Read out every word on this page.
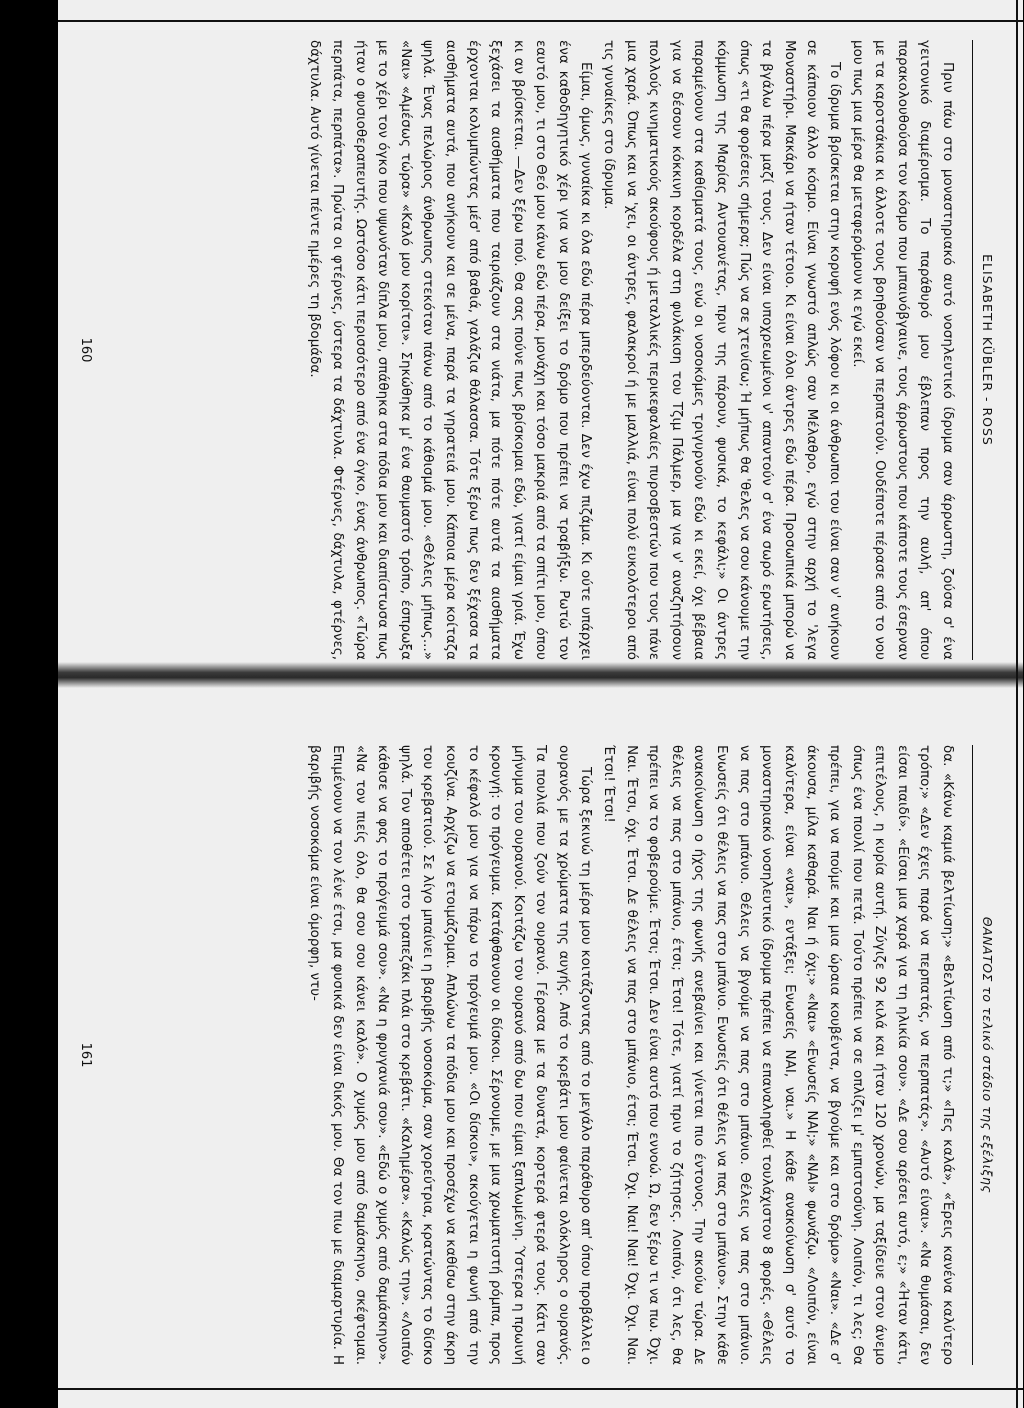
ELISABETH KÜBLER - ROSS

Πριν πάω στο μοναστηριακό αυτό νοσηλευτικό ίδρυμα σαν άρρωστη, ζούσα σ' ένα γειτονικό διαμέρισμα. Το παράθυρό μου έβλεπαν προς την αυλή, απ' όπου παρακολουθούσα τον κόσμο που μπαινόβγαινε, τους άρρωστους που κάποτε τους έσερναν με τα καροτσάκια κι άλλοτε τους βοηθούσαν να περπατούν. Ουδέποτε πέρασε από το νου μου πως μια μέρα θα μεταφερόμουν κι εγώ εκεί.

Το ίδρυμα βρίσκεται στην κορυφή ενός λόφου κι οι άνθρωποι του είναι σαν ν' ανήκουν σε κάποιον άλλο κόσμο. Είναι γνωστό απλώς σαν Μέλαθρο, εγώ στην αρχή το 'λεγα Μοναστήρι. Μακάρι να ήταν τέτοιο. Κι είναι όλοι άντρες εδώ πέρα. Προσωπικά μπορώ να τα βγάλω πέρα μαζί τους. Δεν είναι υποχρεωμένοι ν' απαντούν σ' ένα σωρό ερωτήσεις, όπως «τι θα φορέσεις σήμερα; Πώς να σε χτενίσω; Ή μήπως θα 'θελες να σου κάνουμε την κόμμωση της Μαρίας Αντουανέτας, πριν της πάρουν, φυσικά, το κεφάλι;» Οι άντρες παραμένουν στα καθίσματά τους, ενώ οι νοσοκόμες τριγυρνούν εδώ κι εκεί, όχι βέβαια για να δέσουν κόκκινη κορδέλα στη φυλάκιση του Τζιμ Πάλμερ, μα για ν' αναζητήσουν πολλούς κινηματικούς ακούφους ή μεταλλικές περικεφαλαίες πυροσβεστών που τους πάνε μια χαρά. Όπως και να 'χει, οι άντρες, φαλακροί ή με μαλλιά, είναι πολύ ευκολότεροι από τις γυναίκες στο ίδρυμα.

Είμαι, όμως, γυναίκα κι όλα εδώ πέρα μπερδεύονται. Δεν έχω πιζάμα. Κι ούτε υπάρχει ένα καθοδηγητικό χέρι για να μου δείξει το δρόμο που πρέπει να τραβήξω. Ρωτώ τον εαυτό μου, τι στο Θεό μου κάνω εδώ πέρα, μονάχη και τόσο μακριά από τα σπίτι μου, όπου κι αν βρίσκεται. —Δεν ξέρω πού. Θα σας πούνε πως βρίσκομαι εδώ, γιατί είμαι γριά. Έχω ξεχάσει τα αισθήματα που ταιριάζουν στα νιάτα, μα πότε πότε αυτά τα αισθήματα έρχονται κολυμπώντας μέσ' από βαθιά, γαλάζια θάλασσα. Τότε ξέρω πως δεν ξέχασα τα αισθήματα αυτά, που ανήκουν και σε μένα, παρά τα γηρατειά μου. Κάποια μέρα κοίταζα ψηλά. Ένας πελώριος άνθρωπος στεκόταν πάνω από το κάθισμά μου. «Θέλεις μήπως...» «Ναι» «Αμέσως τώρα» «Καλό μου κορίτσι». Σηκώθηκα μ' ένα θαυμαστό τρόπο, έσπρωξα με το χέρι τον όγκο που υψωνόταν δίπλα μου, σπάθηκα στα πόδια μου και διαπίστωσα πως ήταν ο φυσιοθεραπευτής. Ωστόσο κάτι περισσότερο από ένα όγκο, ένας άνθρωπος. «Τώρα περπάτα, περπάτα». Πρώτα οι φτέρνες, ύστερα τα δάχτυλα. Φτέρνες, δάχτυλα, φτέρνες, δάχτυλα. Αυτό γίνεται πέντε ημέρες τη βδομάδα.

160
ΘΑΝΑΤΟΣ το τελικό στάδιο της εξέλιξης

δα. «Κάνω καμιά βελτίωση;» «Βελτίωση από τι;» «Πες καλά», «Έρεις κανένα καλύτερο τρόπο;» «Δεν έχεις παρά να περπατάς, να περπατάς». «Αυτό είναι». «Να θυμάσαι, δεν είσαι παιδί». «Είσαι μια χαρά για τη ηλικία σου». «Δε σου αρέσει αυτό, ε;» «Ήταν κάτι, επιτέλους, η κυρία αυτή. Ζύγιζε 92 κιλά και ήταν 120 χρονών, μα ταξίδευε στον άνεμο όπως ένα πουλί που πετά. Τούτο πρέπει να σε οπλίζει μ' εμπιστοσύνη. Λοιπόν, τι λες; Θα πρέπει, για να πούμε και μια ώραια κουβέντα, να βγούμε και στο δρόμο» «Ναι». «Δε σ' άκουσα, μίλα καθαρά. Ναι ή όχι;» «Ναι» «Ενωσείς ΝΑΙ;» «ΝΑΙ» φωνάζω. «Λοιπόν, είναι καλύτερα, είναι «ναι», εντάξει; Ενωσείς ΝΑΙ, ναι.» Η κάθε ανακοίνωση σ' αυτό το μοναστηριακό νοσηλευτικό ίδρυμα πρέπει να επαναληφθεί τουλάχιστον 8 φορές. «Θέλεις να πας στο μπάνιο. Θέλεις να βγούμε να πας στο μπάνιο. Θέλεις να πας στο μπάνιο. Ενωσείς ότι θέλεις να πας στο μπάνιο. Ενωσείς ότι θέλεις να πας στο μπάνιο». Στην κάθε ανακοίνωση ο ήχος της φωνής ανεβαίνει και γίνεται πιο έντονος. Την ακούω τώρα. Δε θέλεις να πας στο μπάνιο, έτσι; Έτσι! Τότε, γιατί πριν το ζήτησες. Λοιπόν, ότι λες, θα πρέπει να το φοβερούμε. Έτσι; Έτσι. Δεν είναι αυτό που εννοώ. Ώ, δεν ξέρω τι να πω. Όχι. Ναι. Έτσι, όχι. Έτσι. Δε θέλεις να πας στο μπάνιο, έτσι; Έτσι. Όχι. Ναι! Ναι! Όχι. Όχι. Ναι. Έτσι! Έτσι!

Τώρα ξεκινώ τη μέρα μου κοιτάζοντας από το μεγάλο παράθυρο απ' όπου προβάλλει ο ουρανός με τα χρώματα της αυγής. Από το κρεβάτι μου φαίνεται ολόκληρος ο ουρανός. Τα πουλιά που ζούν τον ουρανό. Γέρασα με τα δυνατά, κορτερά φτερά τους. Κάτι σαν μήνυμα του ουρανού. Κοιτάζω τον ουρανό από δω που είμαι ξαπλωμένη. Ύστερα η πρωινή κρουγή: το πρόγευμα. Κατάφθανουν οι δίσκοι. Σέρνουμε, με μια χρωματιστή ρόμπα, προς το κέφαλό μου για να πάρω το πρόγευμά μου. «Οι δίσκοι», ακούγεται η φωνή από την κουζίνα. Αρχίζω να ετοιμάζομαι. Απλώνω τα πόδια μου και προσέχω να καθίσω στην άκρη του κρεβατιού. Σε λίγο μπαίνει η βαριβής νοσοκόμα, σαν χορεύτρια, κρατώντας το δίσκο ψηλά. Τον αποθέτει στο τραπεζάκι πλάι στο κρεβάτι. «Καλημέρα». «Καλώς την». «Λοιπόν κάθισε να φας το πρόγευμά σου». «Να η φρυγανιά σου». «Εδώ ο χυμός από δαμάσκηνο». «Να τον πιείς όλο, θα σου σου κάνει καλό». Ο χυμός μου από δαμάσκηνο, σκέφτομαι. Επιμένουν να τον λένε έτσι, μα φυσικά δεν είναι δικός μου. Θα τον πιω με διαμαρτυρία. Η βαριβής νοσοκόμα είναι όμορφη, ντυ-

161
